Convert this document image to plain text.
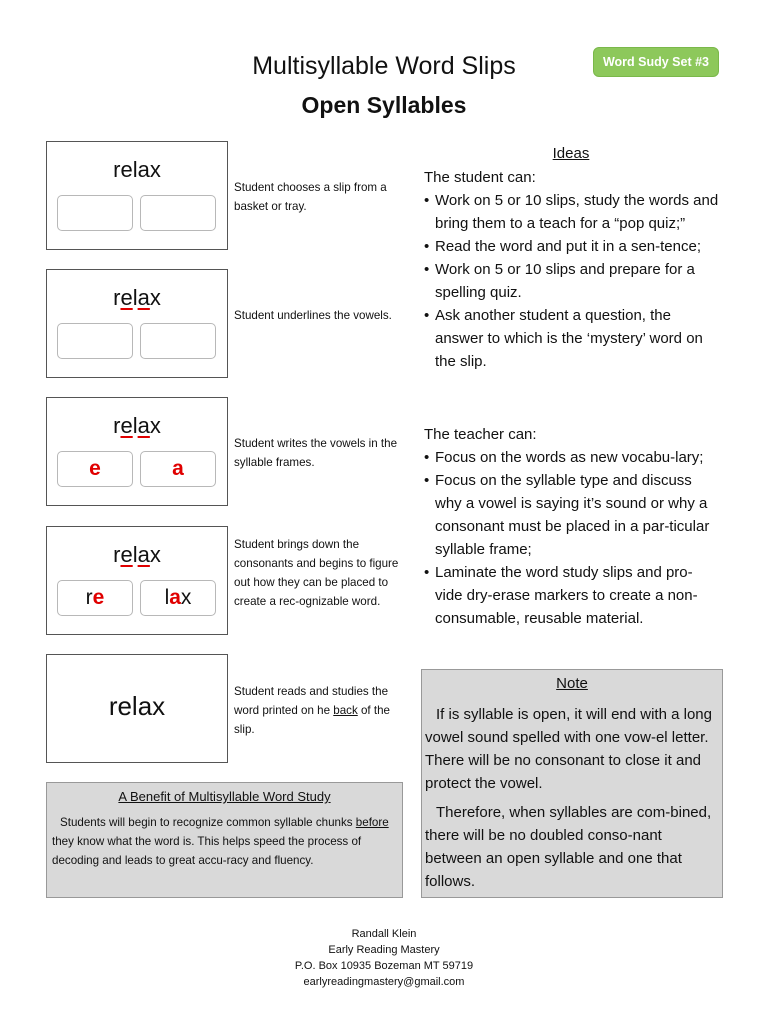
Multisyllable Word Slips
Open Syllables
Word Sudy Set #3
relax
Student chooses a slip from a basket or tray.
relax
Student underlines the vowels.
relax
e	a
Student writes the vowels in the syllable frames.
relax
re	lax
Student brings down the consonants and begins to figure out how they can be placed to create a rec-ognizable word.
relax	Student reads and studies the word printed on he back of the slip.
Ideas

The student can:

• Work on 5 or 10 slips, study the words and bring them to a teach for a “pop quiz;”
• Read the word and put it in a sen-tence;
• Work on 5 or 10 slips and prepare for a spelling quiz.
• Ask another student a question, the answer to which is the ‘mystery’ word on the slip.

The teacher can:

• Focus on the words as new vocabu-lary;
• Focus on the syllable type and discuss why a vowel is saying it’s sound or why a consonant must be placed in a par-ticular syllable frame;
• Laminate the word study slips and pro-vide dry-erase markers to create a non-consumable, reusable material.
A Benefit of Multisyllable Word Study
Students will begin to recognize common syllable chunks before they know what the word is. This helps speed the process of decoding and leads to great accu-racy and fluency.
Note
If is syllable is open, it will end with a long vowel sound spelled with one vow-el letter. There will be no consonant to close it and protect the vowel.
Therefore, when syllables are com-bined, there will be no doubled conso-nant between an open syllable and one that follows.
Randall Klein
Early Reading Mastery
P.O. Box 10935 Bozeman MT 59719
earlyreadingmastery@gmail.com
